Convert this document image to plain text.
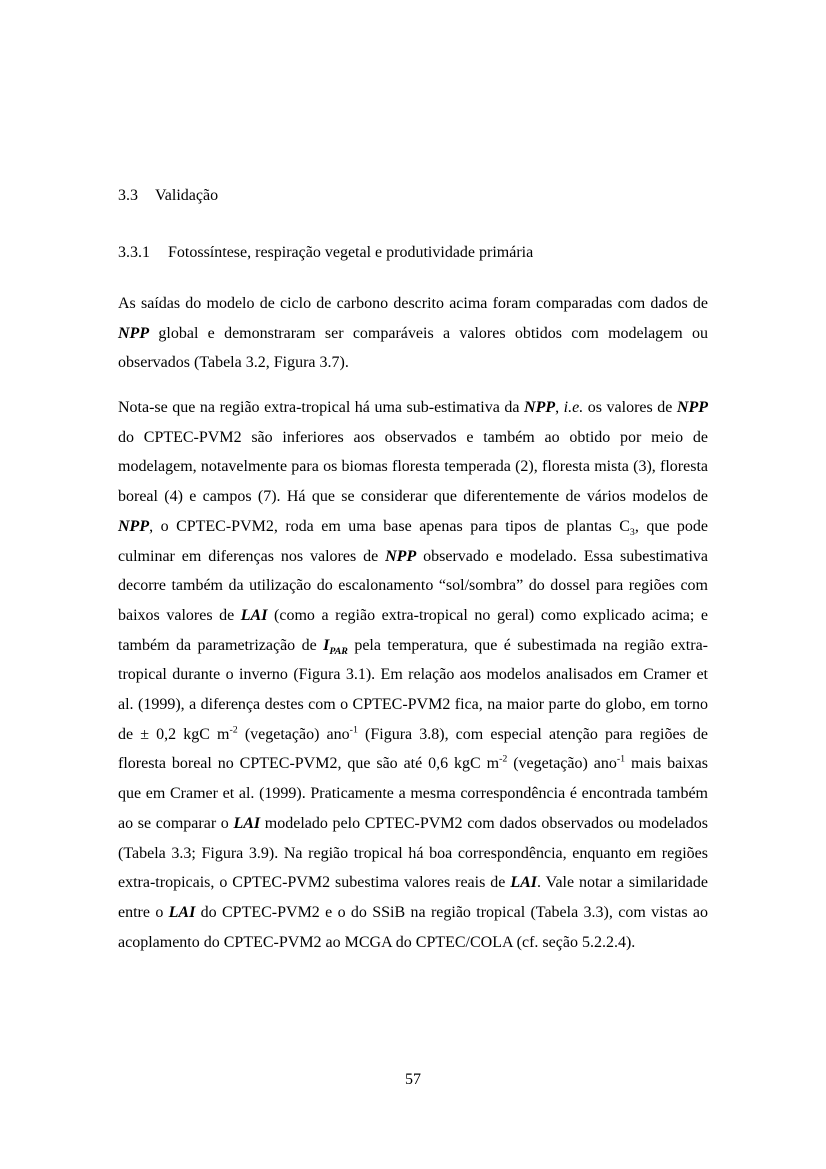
3.3 Validação
3.3.1 Fotossíntese, respiração vegetal e produtividade primária

As saídas do modelo de ciclo de carbono descrito acima foram comparadas com dados de NPP global e demonstraram ser comparáveis a valores obtidos com modelagem ou observados (Tabela 3.2, Figura 3.7).

Nota-se que na região extra-tropical há uma sub-estimativa da NPP, i.e. os valores de NPP do CPTEC-PVM2 são inferiores aos observados e também ao obtido por meio de modelagem, notavelmente para os biomas floresta temperada (2), floresta mista (3), floresta boreal (4) e campos (7). Há que se considerar que diferentemente de vários modelos de NPP, o CPTEC-PVM2, roda em uma base apenas para tipos de plantas $C_3$, que pode culminar em diferenças nos valores de NPP observado e modelado. Essa subestimativa decorre também da utilização do escalonamento “sol/sombra” do dossel para regiões com baixos valores de LAI (como a região extra-tropical no geral) como explicado acima; e também da parametrização de $I_{PAR}$ pela temperatura, que é subestimada na região extra-tropical durante o inverno (Figura 3.1). Em relação aos modelos analisados em Cramer et al. (1999), a diferença destes com o CPTEC-PVM2 fica, na maior parte do globo, em torno de ± 0,2 kgC $m^{-2}$ (vegetação) ano$^{-1}$ (Figura 3.8), com especial atenção para regiões de floresta boreal no CPTEC-PVM2, que são até 0,6 kgC $m^{-2}$ (vegetação) ano$^{-1}$ mais baixas que em Cramer et al. (1999). Praticamente a mesma correspondência é encontrada também ao se comparar o LAI modelado pelo CPTEC-PVM2 com dados observados ou modelados (Tabela 3.3; Figura 3.9). Na região tropical há boa correspondência, enquanto em regiões extra-tropicais, o CPTEC-PVM2 subestima valores reais de LAI. Vale notar a similaridade entre o LAI do CPTEC-PVM2 e o do SSiB na região tropical (Tabela 3.3), com vistas ao acoplamento do CPTEC-PVM2 ao MCGA do CPTEC/COLA (cf. seção 5.2.2.4).

57
